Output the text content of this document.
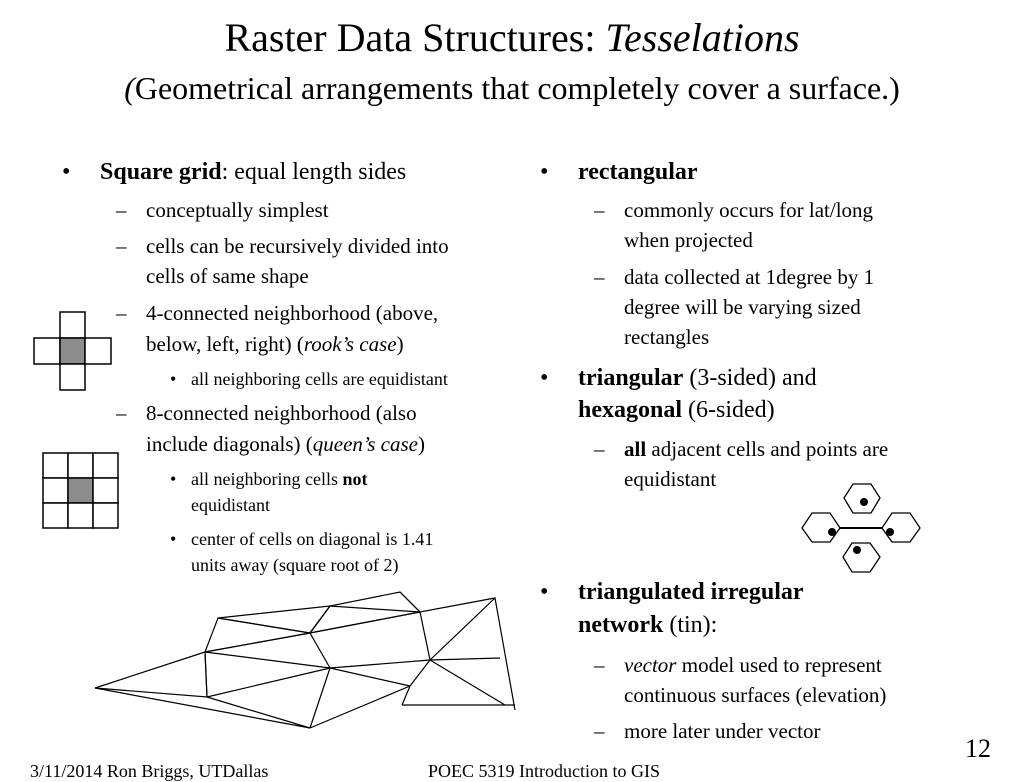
Raster Data Structures: Tesselations
(Geometrical arrangements that completely cover a surface.)
• Square grid: equal length sides
– conceptually simplest
– cells can be recursively divided into
cells of same shape
– 4-connected neighborhood (above,
below, left, right) (rook’s case)
• all neighboring cells are equidistant
– 8-connected neighborhood (also
include diagonals) (queen’s case)
• all neighboring cells not
equidistant
• center of cells on diagonal is 1.41
units away (square root of 2)
• rectangular
– commonly occurs for lat/long
when projected
– data collected at 1degree by 1
degree will be varying sized
rectangles
• triangular (3-sided) and
hexagonal (6-sided)
– all adjacent cells and points are
equidistant
• triangulated irregular
network (tin):
– vector model used to represent
continuous surfaces (elevation)
– more later under vector
3/11/2014 Ron Briggs, UTDallas	POEC 5319 Introduction to GIS
12
